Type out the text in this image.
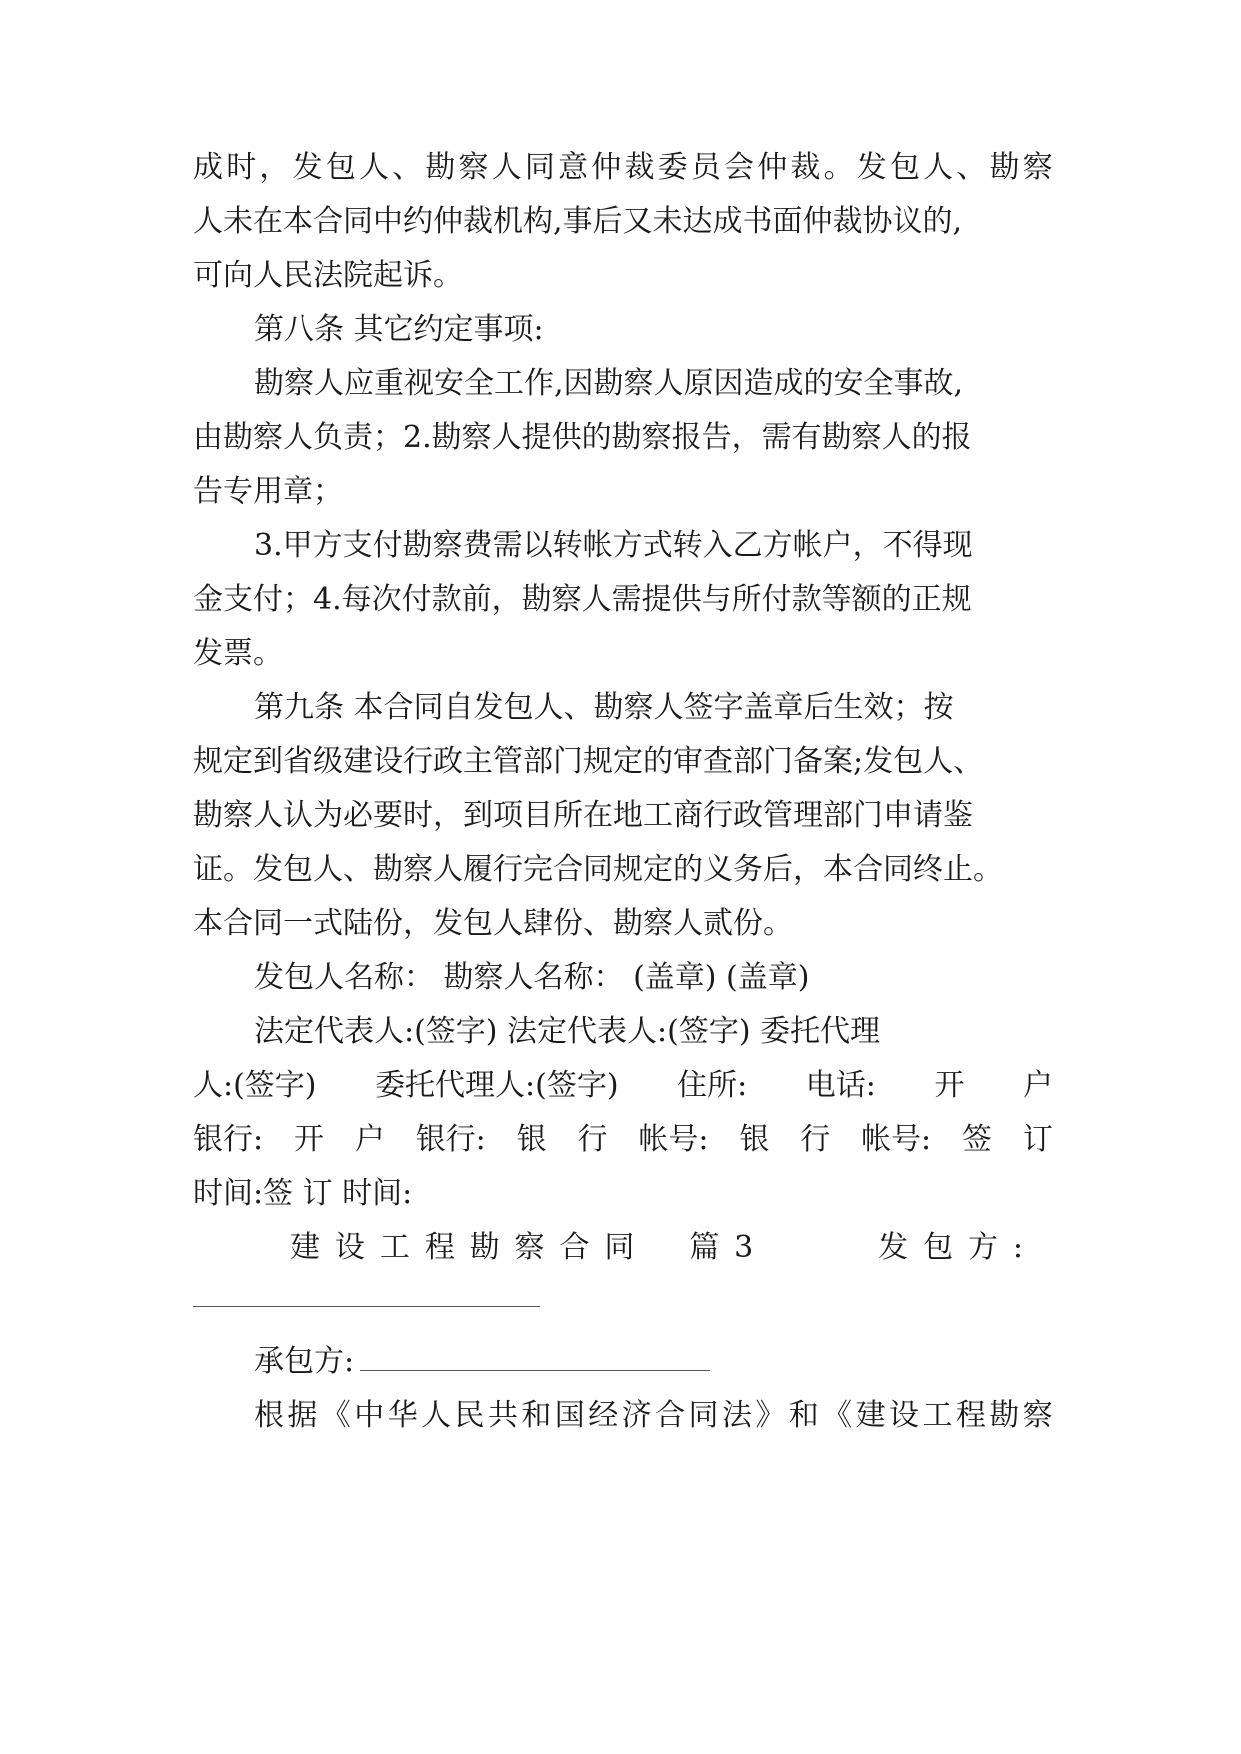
成 时 ， 发 包 人 、 勘 察 人 同 意 仲 裁 委 员 会 仲 裁 。 发 包 人 、 勘 察
人未在本合同中约仲裁机构,事后又未达成书面仲裁协议的,
可向人民法院起诉。
第八条 其它约定事项:
勘察人应重视安全工作,因勘察人原因造成的安全事故,
由勘察人负责；2.勘察人提供的勘察报告，需有勘察人的报
告专用章；
3.甲方支付勘察费需以转帐方式转入乙方帐户，不得现
金支付；4.每次付款前，勘察人需提供与所付款等额的正规
发票。
第九条 本合同自发包人、勘察人签字盖章后生效；按
规定到省级建设行政主管部门规定的审查部门备案;发包人、
勘察人认为必要时，到项目所在地工商行政管理部门申请鉴
证。发包人、勘察人履行完合同规定的义务后，本合同终止。
本合同一式陆份，发包人肆份、勘察人贰份。
发包人名称： 勘察人名称： (盖章) (盖章)
法定代表人:(签字) 法定代表人:(签字) 委托代理
人:(签字) 委托代理人:(签字) 住所: 电话: 开 户
银行: 开 户 银行: 银 行 帐号: 银 行 帐号: 签 订
时间:签 订 时间:
建 设 工 程 勘 察 合 同 篇 3	发 包 方 :
承包方:
根 据 《 中 华 人 民 共 和 国 经 济 合 同 法 》 和 《 建 设 工 程 勘 察
